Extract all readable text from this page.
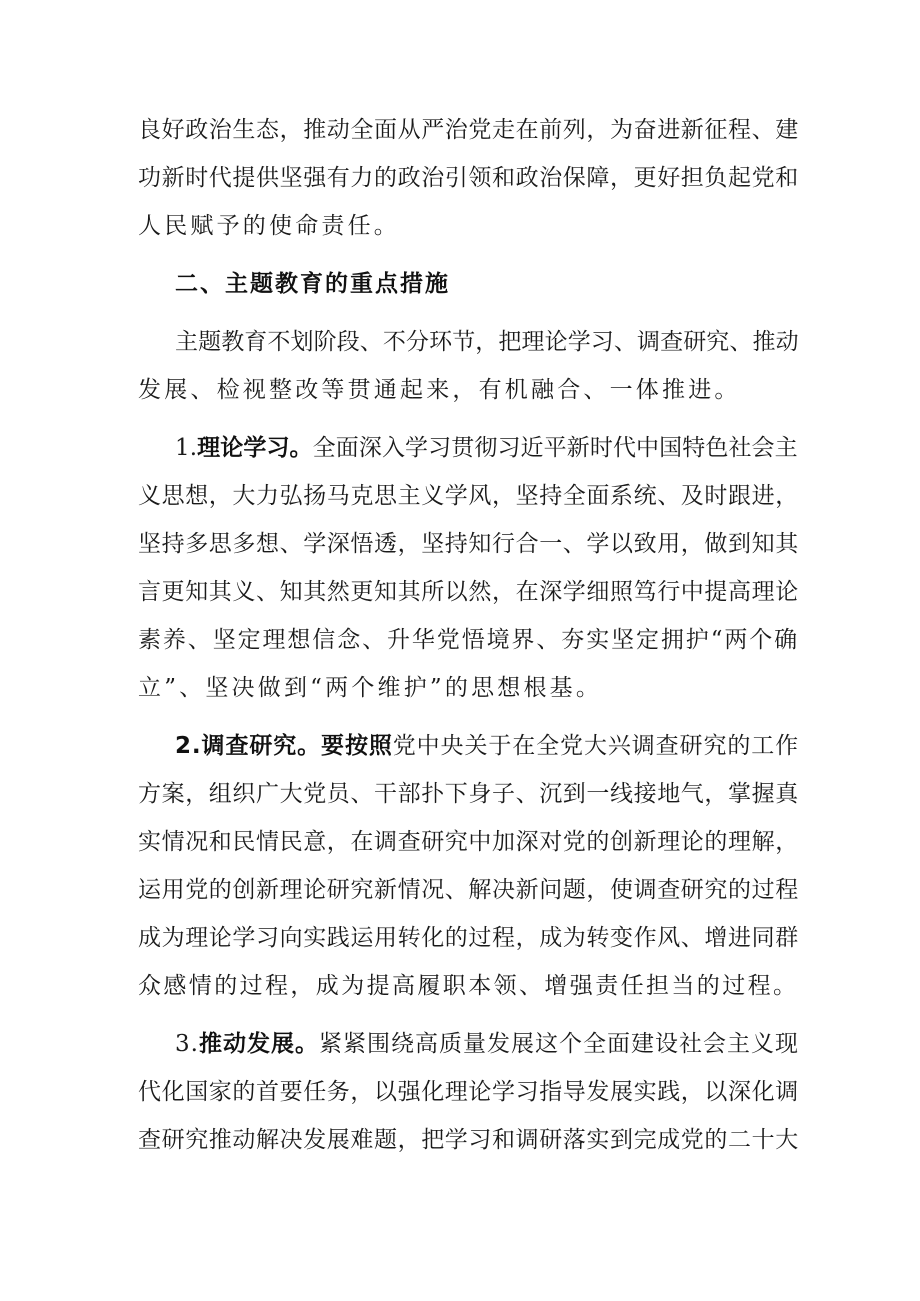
良好政治生态，推动全面从严治党走在前列，为奋进新征程、建
功新时代提供坚强有力的政治引领和政治保障，更好担负起党和
人民赋予的使命责任。
二、主题教育的重点措施
主题教育不划阶段、不分环节，把理论学习、调查研究、推动
发展、检视整改等贯通起来，有机融合、一体推进。
1.理论学习。全面深入学习贯彻习近平新时代中国特色社会主
义思想，大力弘扬马克思主义学风，坚持全面系统、及时跟进，
坚持多思多想、学深悟透，坚持知行合一、学以致用，做到知其
言更知其义、知其然更知其所以然，在深学细照笃行中提高理论
素养、坚定理想信念、升华党悟境界、夯实坚定拥护“两个确
立”、坚决做到“两个维护”的思想根基。
2.调查研究。要按照党中央关于在全党大兴调查研究的工作
方案，组织广大党员、干部扑下身子、沉到一线接地气，掌握真
实情况和民情民意，在调查研究中加深对党的创新理论的理解，
运用党的创新理论研究新情况、解决新问题，使调查研究的过程
成为理论学习向实践运用转化的过程，成为转变作风、增进同群
众感情的过程，成为提高履职本领、增强责任担当的过程。
3.推动发展。紧紧围绕高质量发展这个全面建设社会主义现
代化国家的首要任务，以强化理论学习指导发展实践，以深化调
查研究推动解决发展难题，把学习和调研落实到完成党的二十大
